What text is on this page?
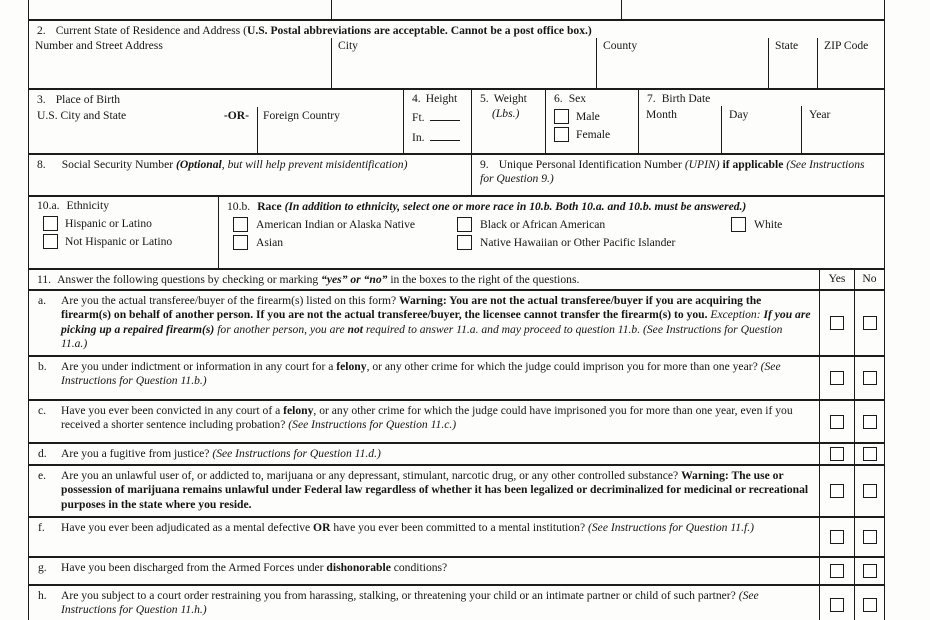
2. Current State of Residence and Address (U.S. Postal abbreviations are acceptable. Cannot be a post office box.)
Number and Street Address	City	County	State	ZIP Code
3. Place of Birth
U.S. City and State	-OR-	Foreign Country
4. Height
Ft.
In.
5. Weight
(Lbs.)
6. Sex
Male
Female
7. Birth Date
Month	Day	Year
8. Social Security Number (Optional, but will help prevent misidentification)	9. Unique Personal Identification Number (UPIN) if applicable (See Instructions for Question 9.)
10.a. Ethnicity
Hispanic or Latino
Not Hispanic or Latino
10.b. Race (In addition to ethnicity, select one or more race in 10.b. Both 10.a. and 10.b. must be answered.)
American Indian or Alaska Native	Black or African American	White
Asian	Native Hawaiian or Other Pacific Islander
11. Answer the following questions by checking or marking “yes” or “no” in the boxes to the right of the questions.	Yes No
a.	Are you the actual transferee/buyer of the firearm(s) listed on this form? Warning: You are not the actual transferee/buyer if you are acquiring the firearm(s) on behalf of another person. If you are not the actual transferee/buyer, the licensee cannot transfer the firearm(s) to you. Exception: If you are picking up a repaired firearm(s) for another person, you are not required to answer 11.a. and may proceed to question 11.b. (See Instructions for Question 11.a.)
b.	Are you under indictment or information in any court for a felony, or any other crime for which the judge could imprison you for more than one year? (See Instructions for Question 11.b.)
c.	Have you ever been convicted in any court of a felony, or any other crime for which the judge could have imprisoned you for more than one year, even if you received a shorter sentence including probation? (See Instructions for Question 11.c.)
d.	Are you a fugitive from justice? (See Instructions for Question 11.d.)
e.	Are you an unlawful user of, or addicted to, marijuana or any depressant, stimulant, narcotic drug, or any other controlled substance? Warning: The use or possession of marijuana remains unlawful under Federal law regardless of whether it has been legalized or decriminalized for medicinal or recreational purposes in the state where you reside.
f.	Have you ever been adjudicated as a mental defective OR have you ever been committed to a mental institution? (See Instructions for Question 11.f.)
g.	Have you been discharged from the Armed Forces under dishonorable conditions?
h.	Are you subject to a court order restraining you from harassing, stalking, or threatening your child or an intimate partner or child of such partner? (See Instructions for Question 11.h.)
